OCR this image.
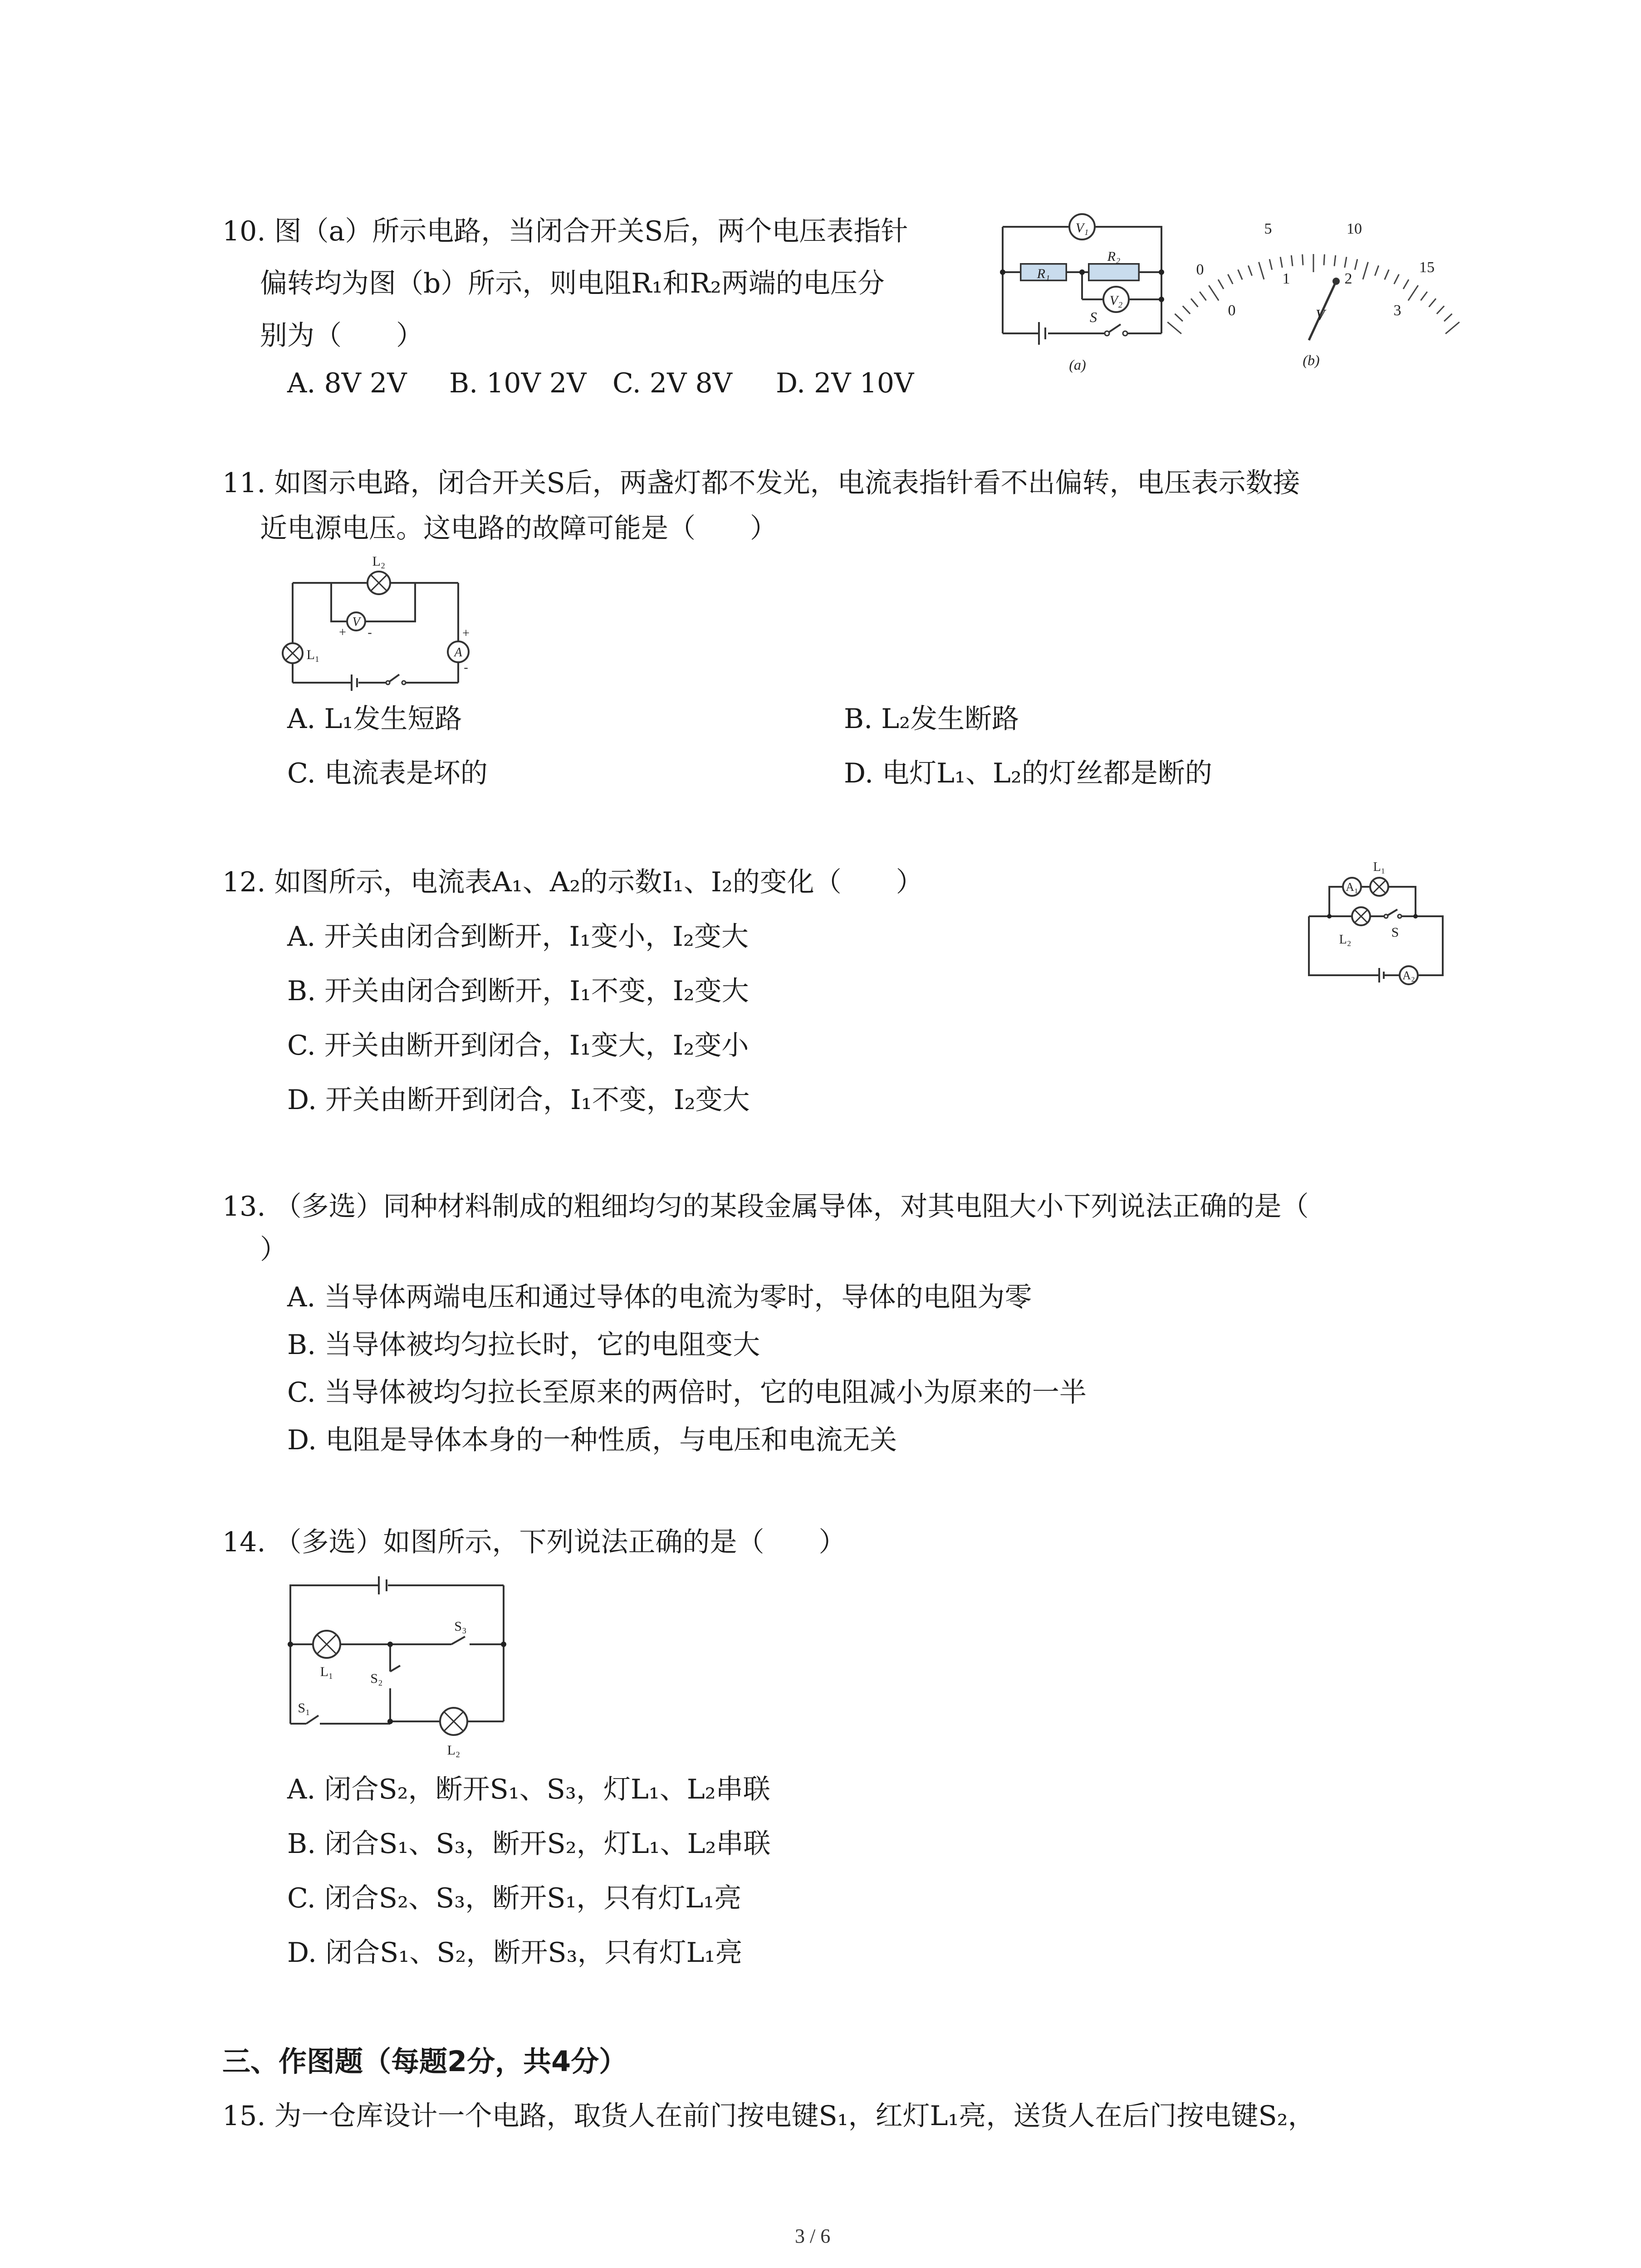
10. 图（a）所示电路，当闭合开关S后，两个电压表指针
偏转均为图（b）所示，则电阻R₁和R₂两端的电压分
别为（　　）
A. 8V 2V B. 10V 2V C. 2V 8V D. 2V 10V
V₁
V₂
R₁
R₂
S
(a)
0
5	10
15
0
1	2
3
V
(b)
11. 如图示电路，闭合开关S后，两盏灯都不发光，电流表指针看不出偏转，电压表示数接
近电源电压。这电路的故障可能是（　　）
L₂
L₁
V
A
+ -	+
-
A. L₁发生短路	B. L₂发生断路
C. 电流表是坏的	D. 电灯L₁、L₂的灯丝都是断的
12. 如图所示，电流表A₁、A₂的示数I₁、I₂的变化（　　）
A. 开关由闭合到断开，I₁变小，I₂变大
B. 开关由闭合到断开，I₁不变，I₂变大
C. 开关由断开到闭合，I₁变大，I₂变小
D. 开关由断开到闭合，I₁不变，I₂变大
A₁
A₂
L₁
L₂	S
13. （多选）同种材料制成的粗细均匀的某段金属导体，对其电阻大小下列说法正确的是（
）
A. 当导体两端电压和通过导体的电流为零时，导体的电阻为零
B. 当导体被均匀拉长时，它的电阻变大
C. 当导体被均匀拉长至原来的两倍时，它的电阻减小为原来的一半
D. 电阻是导体本身的一种性质，与电压和电流无关
14. （多选）如图所示，下列说法正确的是（　　）
L₁
L₂
S₃
S₂
S₁
A. 闭合S₂，断开S₁、S₃，灯L₁、L₂串联
B. 闭合S₁、S₃，断开S₂，灯L₁、L₂串联
C. 闭合S₂、S₃，断开S₁，只有灯L₁亮
D. 闭合S₁、S₂，断开S₃，只有灯L₁亮
三、作图题（每题2分，共4分）
15. 为一仓库设计一个电路，取货人在前门按电键S₁，红灯L₁亮，送货人在后门按电键S₂，
3 / 6
